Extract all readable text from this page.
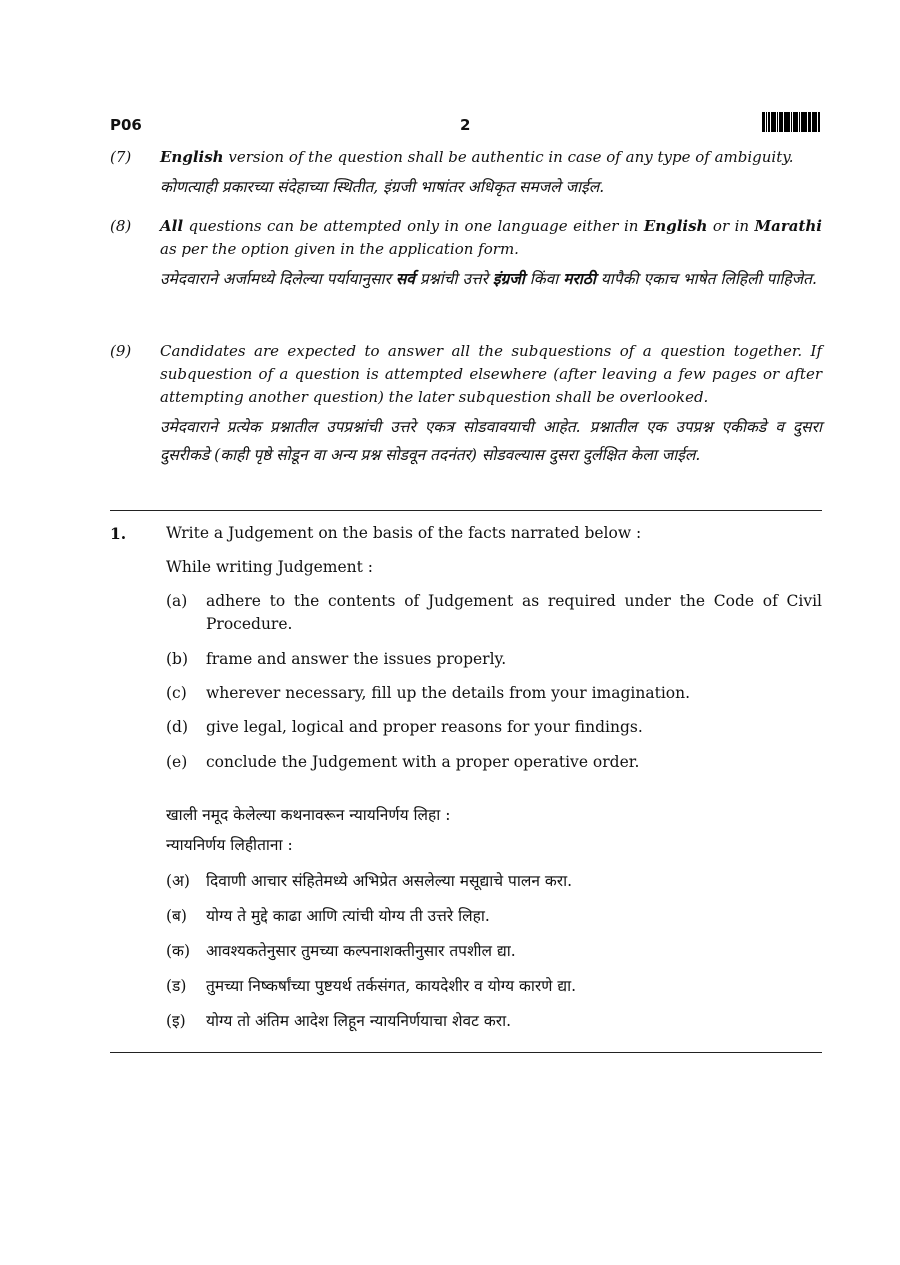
P06	2
(7) English version of the question shall be authentic in case of any type of ambiguity.
कोणत्याही प्रकारच्या संदेहाच्या स्थितीत, इंग्रजी भाषांतर अधिकृत समजले जाईल.
(8) All questions can be attempted only in one language either in English or in Marathi as per the option given in the application form.
उमेदवाराने अर्जामध्ये दिलेल्या पर्यायानुसार सर्व प्रश्नांची उत्तरे इंग्रजी किंवा मराठी यापैकी एकाच भाषेत लिहिली पाहिजेत.
(9) Candidates are expected to answer all the subquestions of a question together. If subquestion of a question is attempted elsewhere (after leaving a few pages or after attempting another question) the later subquestion shall be overlooked.
उमेदवाराने प्रत्येक प्रश्नातील उपप्रश्नांची उत्तरे एकत्र सोडवावयाची आहेत. प्रश्नातील एक उपप्रश्न एकीकडे व दुसरा दुसरीकडे (काही पृष्ठे सोडून वा अन्य प्रश्न सोडवून तदनंतर) सोडवल्यास दुसरा दुर्लक्षित केला जाईल.
1.	Write a Judgement on the basis of the facts narrated below :
While writing Judgement :
(a) adhere to the contents of Judgement as required under the Code of Civil Procedure.
(b) frame and answer the issues properly.
(c) wherever necessary, fill up the details from your imagination.
(d) give legal, logical and proper reasons for your findings.
(e) conclude the Judgement with a proper operative order.
खाली नमूद केलेल्या कथनावरून न्यायनिर्णय लिहा :
न्यायनिर्णय लिहीताना :
(अ) दिवाणी आचार संहितेमध्ये अभिप्रेत असलेल्या मसूद्याचे पालन करा.
(ब) योग्य ते मुद्दे काढा आणि त्यांची योग्य ती उत्तरे लिहा.
(क) आवश्यकतेनुसार तुमच्या कल्पनाशक्तीनुसार तपशील द्या.
(ड) तुमच्या निष्कर्षांच्या पुष्टयर्थ तर्कसंगत, कायदेशीर व योग्य कारणे द्या.
(इ) योग्य तो अंतिम आदेश लिहून न्यायनिर्णयाचा शेवट करा.
